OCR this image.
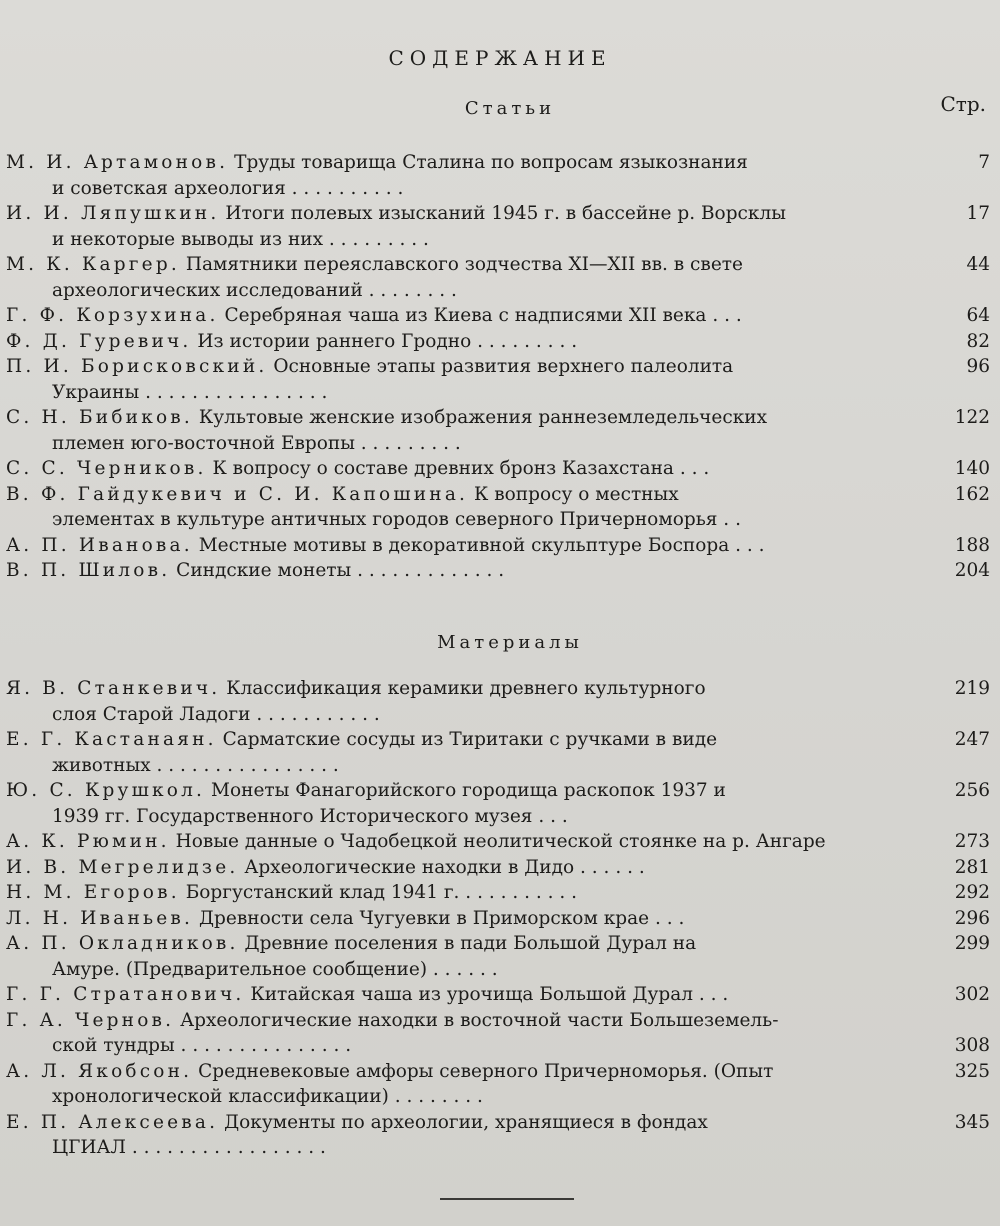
СОДЕРЖАНИЕ
Стр.
Статьи
М. И. Артамонов. Труды товарища Сталина по вопросам языкознания	7
и советская археология . . . . . . . . . .
И. И. Ляпушкин. Итоги полевых изысканий 1945 г. в бассейне р. Ворсклы	17
и некоторые выводы из них . . . . . . . . .
М. К. Каргер. Памятники переяславского зодчества XI—XII вв. в свете	44
археологических исследований . . . . . . . .
Г. Ф. Корзухина. Серебряная чаша из Киева с надписями XII века . . .	64
Ф. Д. Гуревич. Из истории раннего Гродно . . . . . . . . .	82
П. И. Борисковский. Основные этапы развития верхнего палеолита	96
Украины . . . . . . . . . . . . . . . .
С. Н. Бибиков. Культовые женские изображения раннеземледельческих	122
племен юго-восточной Европы . . . . . . . . .
С. С. Черников. К вопросу о составе древних бронз Казахстана . . .	140
В. Ф. Гайдукевич и С. И. Капошина. К вопросу о местных	162
элементах в культуре античных городов северного Причерноморья . .
А. П. Иванова. Местные мотивы в декоративной скульптуре Боспора . . .	188
В. П. Шилов. Синдские монеты . . . . . . . . . . . . .	204
Материалы
Я. В. Станкевич. Классификация керамики древнего культурного	219
слоя Старой Ладоги . . . . . . . . . . .
Е. Г. Кастанаян. Сарматские сосуды из Тиритаки с ручками в виде	247
животных . . . . . . . . . . . . . . . .
Ю. С. Крушкол. Монеты Фанагорийского городища раскопок 1937 и	256
1939 гг. Государственного Исторического музея . . .
А. К. Рюмин. Новые данные о Чадобецкой неолитической стоянке на р. Ангаре	273
И. В. Мегрелидзе. Археологические находки в Дидо . . . . . .	281
Н. М. Егоров. Боргустанский клад 1941 г. . . . . . . . . . .	292
Л. Н. Иваньев. Древности села Чугуевки в Приморском крае . . .	296
А. П. Окладников. Древние поселения в пади Большой Дурал на	299
Амуре. (Предварительное сообщение) . . . . . .
Г. Г. Стратанович. Китайская чаша из урочища Большой Дурал . . .	302
Г. А. Чернов. Археологические находки в восточной части Большеземель-
ской тундры . . . . . . . . . . . . . . .	308
А. Л. Якобсон. Средневековые амфоры северного Причерноморья. (Опыт	325
хронологической классификации) . . . . . . . .
Е. П. Алексеева. Документы по археологии, хранящиеся в фондах	345
ЦГИАЛ . . . . . . . . . . . . . . . . .
